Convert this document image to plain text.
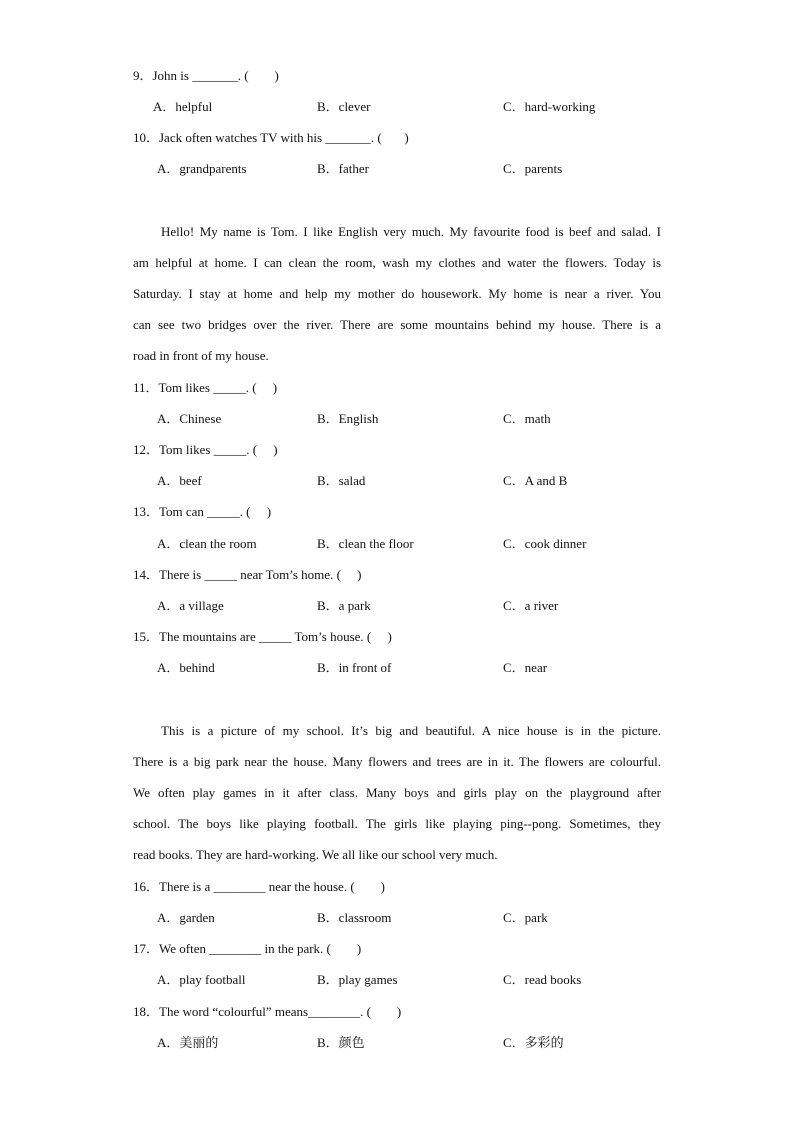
9．John is _______. (        )
A．helpful	B．clever	C．hard-working
10．Jack often watches TV with his _______. (       )
A．grandparents	B．father	C．parents
Hello! My name is Tom. I like English very much. My favourite food is beef and salad. I
am helpful at home. I can clean the room, wash my clothes and water the flowers. Today is
Saturday. I stay at home and help my mother do housework. My home is near a river. You
can see two bridges over the river. There are some mountains behind my house. There is a
road in front of my house.
11．Tom likes _____. (     )
A．Chinese	B．English	C．math
12．Tom likes _____. (     )
A．beef	B．salad	C．A and B
13．Tom can _____. (     )
A．clean the room	B．clean the floor	C．cook dinner
14．There is _____ near Tom’s home. (     )
A．a village	B．a park	C．a river
15．The mountains are _____ Tom’s house. (     )
A．behind	B．in front of	C．near
This is a picture of my school. It’s big and beautiful. A nice house is in the picture.
There is a big park near the house. Many flowers and trees are in it. The flowers are colourful.
We often play games in it after class. Many boys and girls play on the playground after
school. The boys like playing football. The girls like playing ping--pong. Sometimes, they
read books. They are hard-working. We all like our school very much.
16．There is a ________ near the house. (        )
A．garden	B．classroom	C．park
17．We often ________ in the park. (        )
A．play football	B．play games	C．read books
18．The word “colourful” means________. (        )
A．美丽的	B．颜色	C．多彩的
